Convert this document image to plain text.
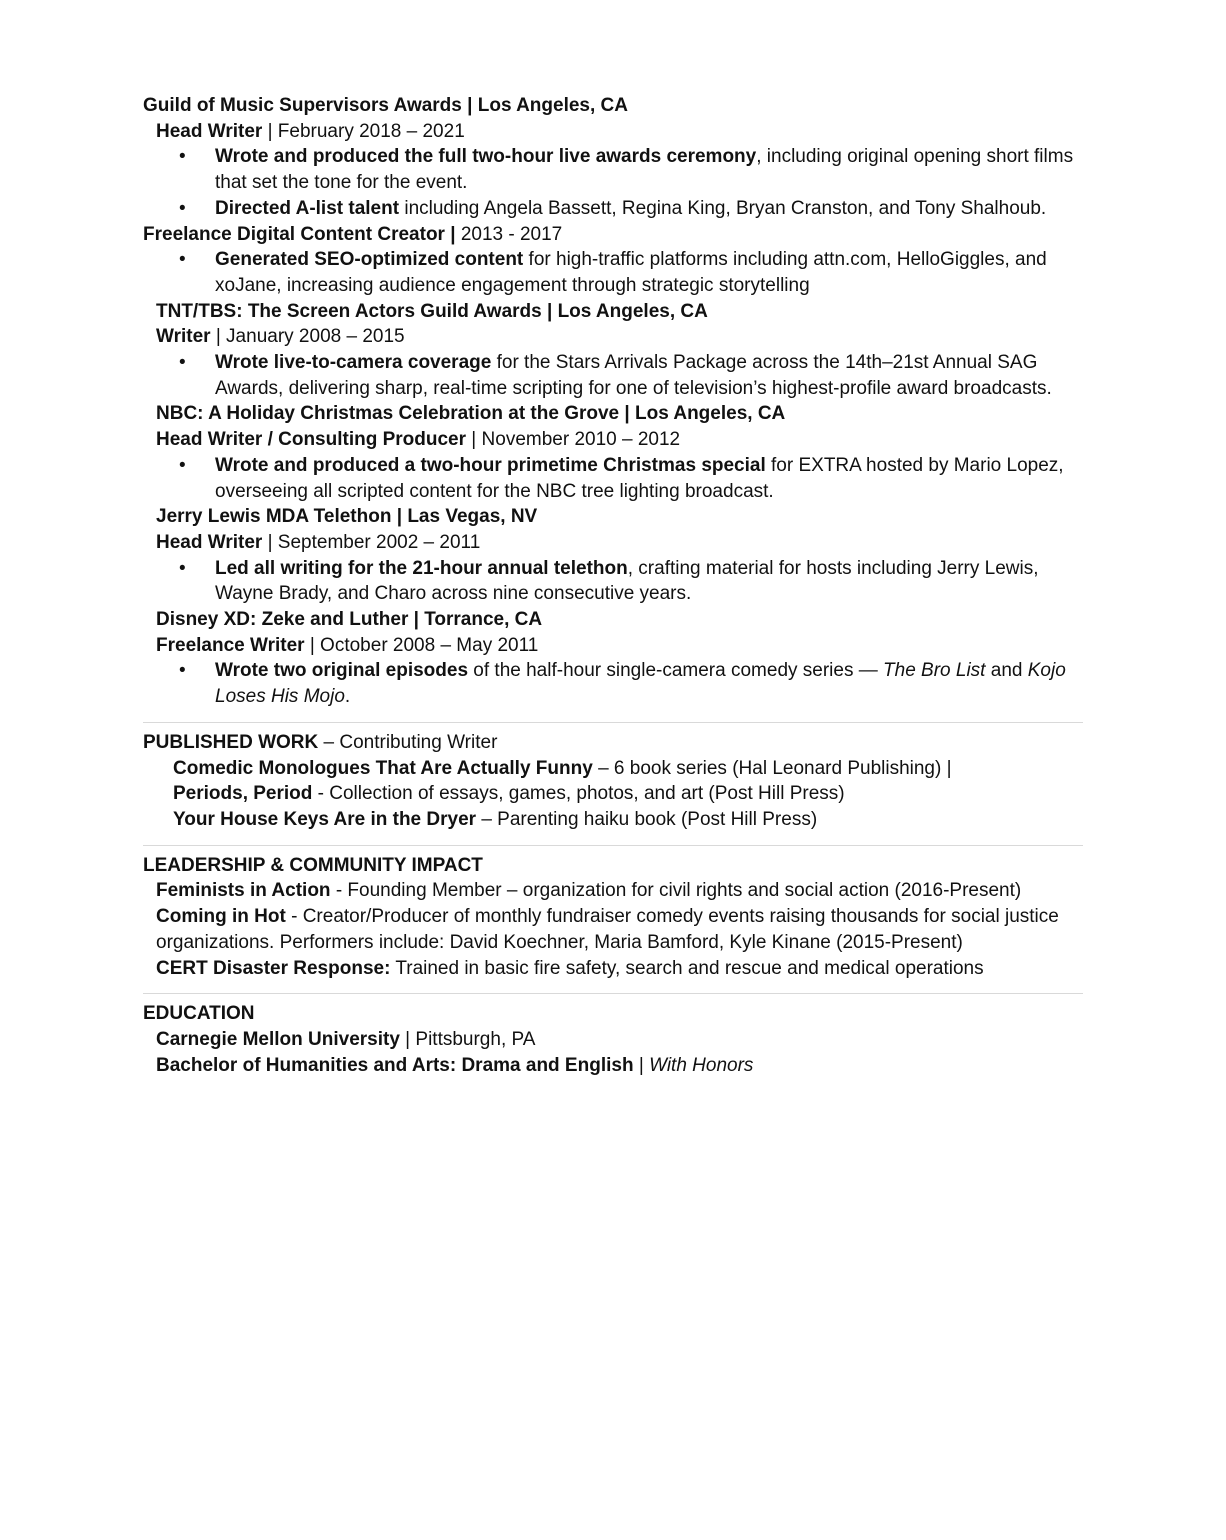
Guild of Music Supervisors Awards | Los Angeles, CA
Head Writer | February 2018 – 2021
• Wrote and produced the full two-hour live awards ceremony, including original opening short films that set the tone for the event.
• Directed A-list talent including Angela Bassett, Regina King, Bryan Cranston, and Tony Shalhoub.
Freelance Digital Content Creator | 2013 - 2017
• Generated SEO-optimized content for high-traffic platforms including attn.com, HelloGiggles, and xoJane, increasing audience engagement through strategic storytelling
TNT/TBS: The Screen Actors Guild Awards | Los Angeles, CA
Writer | January 2008 – 2015
• Wrote live-to-camera coverage for the Stars Arrivals Package across the 14th–21st Annual SAG Awards, delivering sharp, real-time scripting for one of television’s highest-profile award broadcasts.
NBC: A Holiday Christmas Celebration at the Grove | Los Angeles, CA
Head Writer / Consulting Producer | November 2010 – 2012
• Wrote and produced a two-hour primetime Christmas special for EXTRA hosted by Mario Lopez, overseeing all scripted content for the NBC tree lighting broadcast.
Jerry Lewis MDA Telethon | Las Vegas, NV
Head Writer | September 2002 – 2011
• Led all writing for the 21-hour annual telethon, crafting material for hosts including Jerry Lewis, Wayne Brady, and Charo across nine consecutive years.
Disney XD: Zeke and Luther | Torrance, CA
Freelance Writer | October 2008 – May 2011
• Wrote two original episodes of the half-hour single-camera comedy series — The Bro List and Kojo Loses His Mojo.
PUBLISHED WORK – Contributing Writer
Comedic Monologues That Are Actually Funny – 6 book series (Hal Leonard Publishing) |
Periods, Period - Collection of essays, games, photos, and art (Post Hill Press)
Your House Keys Are in the Dryer – Parenting haiku book (Post Hill Press)
LEADERSHIP & COMMUNITY IMPACT
Feminists in Action - Founding Member – organization for civil rights and social action (2016-Present)
Coming in Hot - Creator/Producer of monthly fundraiser comedy events raising thousands for social justice organizations. Performers include: David Koechner, Maria Bamford, Kyle Kinane (2015-Present)
CERT Disaster Response: Trained in basic fire safety, search and rescue and medical operations
EDUCATION
Carnegie Mellon University | Pittsburgh, PA
Bachelor of Humanities and Arts: Drama and English | With Honors
